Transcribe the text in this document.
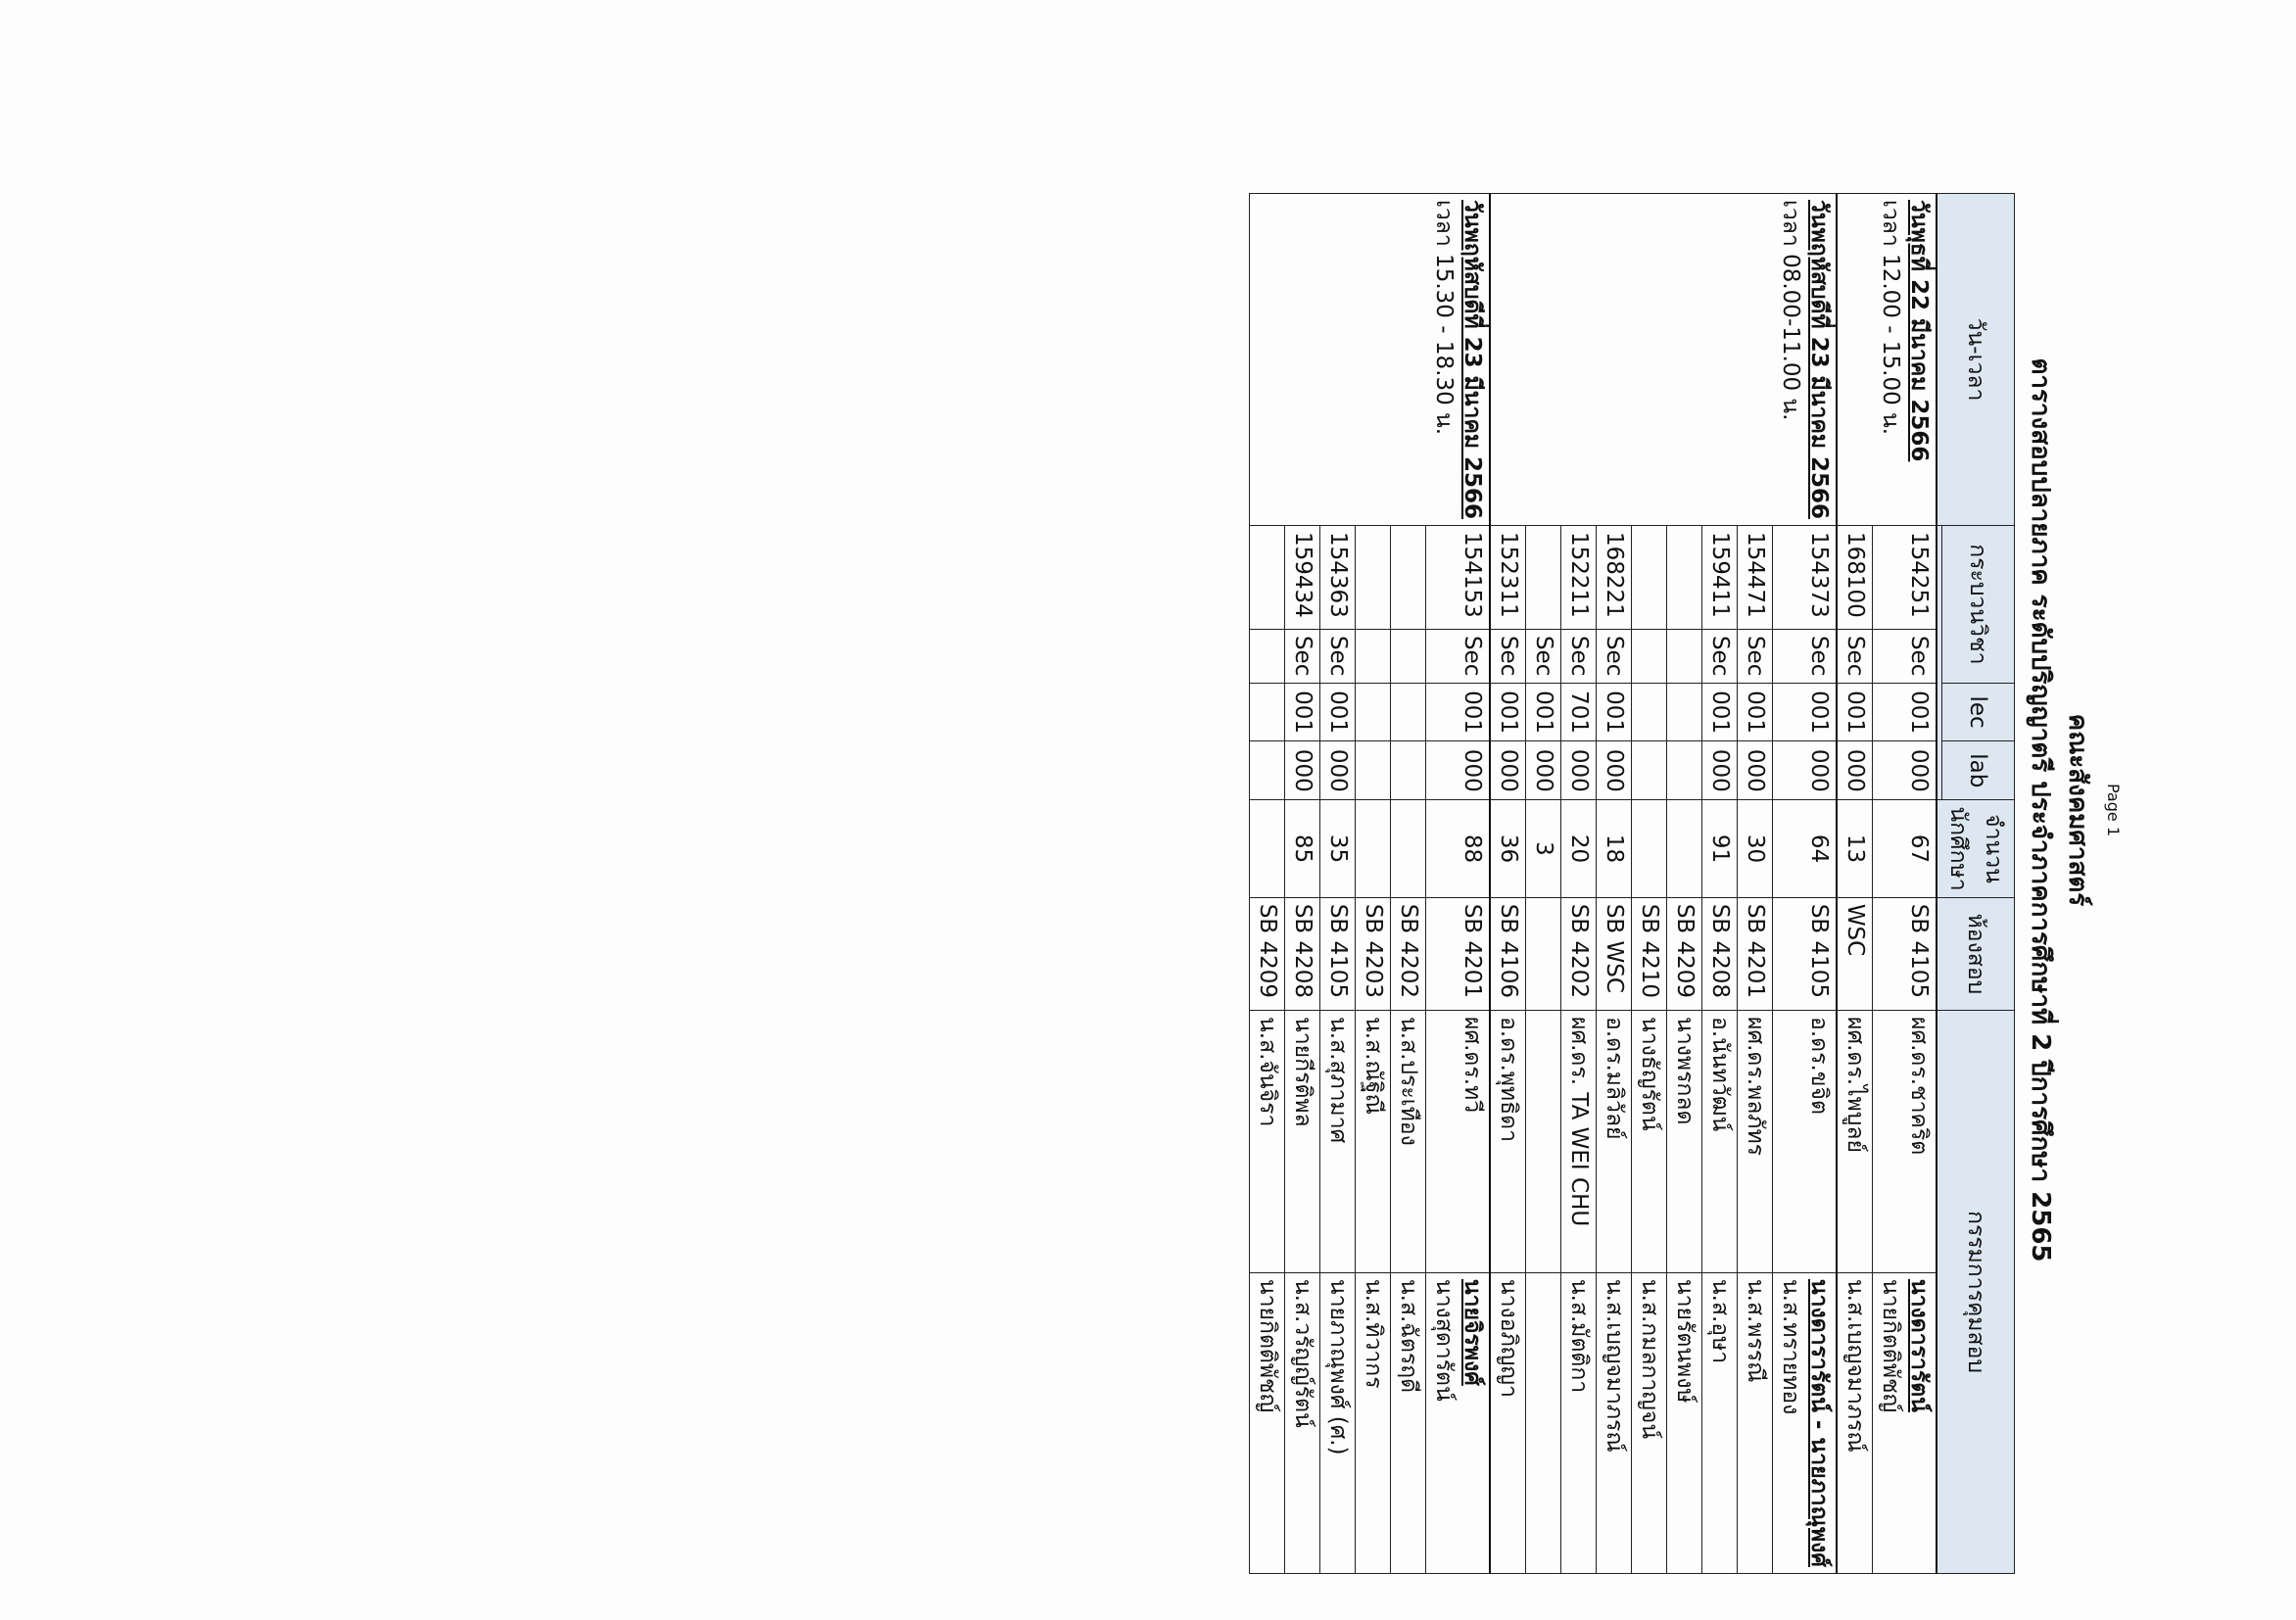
Page 1
คณะสังคมศาสตร์
ตารางสอบปลายภาค ระดับปริญญาตรี ประจำภาคการศึกษาที่ 2 ปีการศึกษา 2565
วัน-เวลา	กระบวนวิชา		lec	lab	จำนวนนักศึกษา	ห้องสอบ	กรรมการคุมสอบ	

วันพุธที่ 22 มีนาคม 2566
เวลา 12.00 - 15.00 น.	154251	Sec	001	000	67	SB 4105	ผศ.ดร.ชาคริต	นางดารารัตน์
นายกิตติพัชญ์

	168100	Sec	001	000	13	WSC	ผศ.ดร.ไพบูลย์	น.ส.เบญจมาภรณ์

วันพฤหัสบดีที่ 23 มีนาคม 2566
เวลา 08.00-11.00 น.	154373	Sec	001	000	64	SB 4105	อ.ดร.ขจิต	นางดารารัตน์ - นายภาณุพงศ์
น.ส.ทรายทอง

	154471	Sec	001	000	30	SB 4201	ผศ.ดร.พลภัทร	น.ส.พรรณี

	159411	Sec	001	000	91	SB 4208	อ.นันทวัฒน์	น.ส.อุษา

						SB 4209	นางพรกลด	นายรัตนพงษ์

						SB 4210	นางธัญรัตน์	น.ส.กมลกาญจน์

	168221	Sec	001	000	18	SB WSC	อ.ดร.มลิวัลย์	น.ส.เบญจมาภรณ์

	152211	Sec	701	000	20	SB 4202	ผศ.ดร. TA WEI CHU	น.ส.มัตติกา

		Sec	001	000	3			

	152311	Sec	001	000	36	SB 4106	อ.ดร.พุทธิดา	นางอภิญญา

วันพฤหัสบดีที่ 23 มีนาคม 2566
เวลา 15.30 - 18.30 น.	154153	Sec	001	000	88	SB 4201	ผศ.ดร.ทวี	นายจิรพงศ์
นางสุดารัตน์

						SB 4202	น.ส.ประเทือง	น.ส.ฉัตรฤดี

						SB 4203	น.ส.ณัฐิณี	น.ส.ทิวากร

	154363	Sec	001	000	35	SB 4105	น.ส.สุภามาศ	นายภาณุพงศ์ (ศ.)

	159434	Sec	001	000	85	SB 4208	นายกีรติพล	น.ส.วรัญญ์รัตน์

						SB 4209	น.ส.จันจิรา	นายกิตติพัชญ์
